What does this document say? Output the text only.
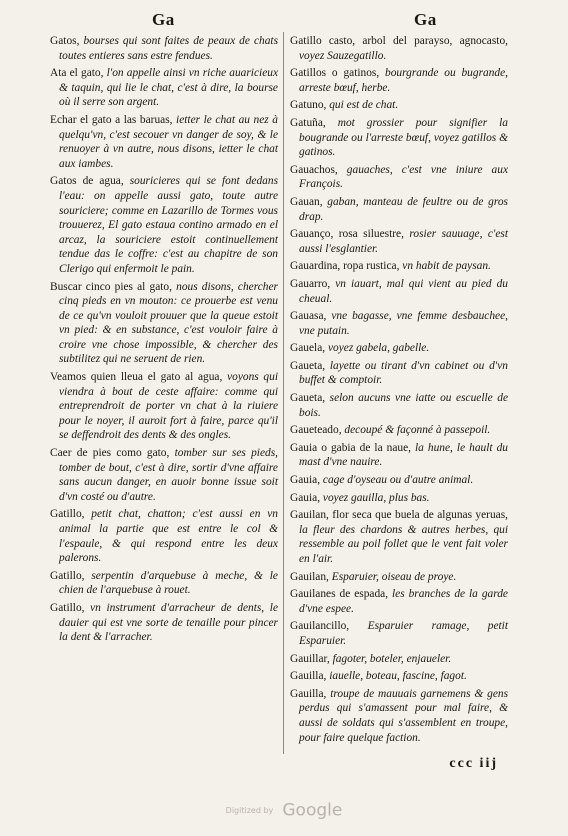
Ga	Ga

Gatos, bourses qui sont faites de peaux de chats toutes entieres sans estre fendues.

Ata el gato, l'on appelle ainsi vn riche auaricieux & taquin, qui lie le chat, c'est à dire, la bourse où il serre son argent.

Echar el gato a las baruas, ietter le chat au nez à quelqu'vn, c'est secouer vn danger de soy, & le renuoyer à vn autre, nous disons, ietter le chat aux iambes.

Gatos de agua, souricieres qui se font dedans l'eau: on appelle aussi gato, toute autre souriciere; comme en Lazarillo de Tormes vous trouuerez, El gato estaua contino armado en el arcaz, la souriciere estoit continuellement tendue das le coffre: c'est au chapitre de son Clerigo qui enfermoit le pain.

Buscar cinco pies al gato, nous disons, chercher cinq pieds en vn mouton: ce prouerbe est venu de ce qu'vn vouloit prouuer que la queue estoit vn pied: & en substance, c'est vouloir faire à croire vne chose impossible, & chercher des subtilitez qui ne seruent de rien.

Veamos quien lleua el gato al agua, voyons qui viendra à bout de ceste affaire: comme qui entreprendroit de porter vn chat à la riuiere pour le noyer, il auroit fort à faire, parce qu'il se deffendroit des dents & des ongles.

Caer de pies como gato, tomber sur ses pieds, tomber de bout, c'est à dire, sortir d'vne affaire sans aucun danger, en auoir bonne issue soit d'vn costé ou d'autre.

Gatillo, petit chat, chatton; c'est aussi en vn animal la partie que est entre le col & l'espaule, & qui respond entre les deux palerons.

Gatillo, serpentin d'arquebuse à meche, & le chien de l'arquebuse à rouet.

Gatillo, vn instrument d'arracheur de dents, le dauier qui est vne sorte de tenaille pour pincer la dent & l'arracher.

Gatillo casto, arbol del parayso, agnocasto, voyez Sauzegatillo.

Gatillos o gatinos, bourgrande ou bugrande, arreste bœuf, herbe.

Gatuno, qui est de chat.

Gatuña, mot grossier pour signifier la bougrande ou l'arreste bœuf, voyez gatillos & gatinos.

Gauachos, gauaches, c'est vne iniure aux François.

Gauan, gaban, manteau de feultre ou de gros drap.

Gauanço, rosa siluestre, rosier sauuage, c'est aussi l'esglantier.

Gauardina, ropa rustica, vn habit de paysan.

Gauarro, vn iauart, mal qui vient au pied du cheual.

Gauasa, vne bagasse, vne femme desbauchee, vne putain.

Gauela, voyez gabela, gabelle.

Gaueta, layette ou tirant d'vn cabinet ou d'vn buffet & comptoir.

Gaueta, selon aucuns vne iatte ou escuelle de bois.

Gaueteado, decoupé & façonné à passepoil.

Gauia o gabia de la naue, la hune, le hault du mast d'vne nauire.

Gauia, cage d'oyseau ou d'autre animal.

Gauia, voyez gauilla, plus bas.

Gauilan, flor seca que buela de algunas yeruas, la fleur des chardons & autres herbes, qui ressemble au poil follet que le vent fait voler en l'air.

Gauilan, Esparuier, oiseau de proye.

Gauilanes de espada, les branches de la garde d'vne espee.

Gauilancillo, Esparuier ramage, petit Esparuier.

Gauillar, fagoter, boteler, enjaueler.

Gauilla, iauelle, boteau, fascine, fagot.

Gauilla, troupe de mauuais garnemens & gens perdus qui s'amassent pour mal faire, & aussi de soldats qui s'assemblent en troupe, pour faire quelque faction.

ccc iij
Digitized by Google
